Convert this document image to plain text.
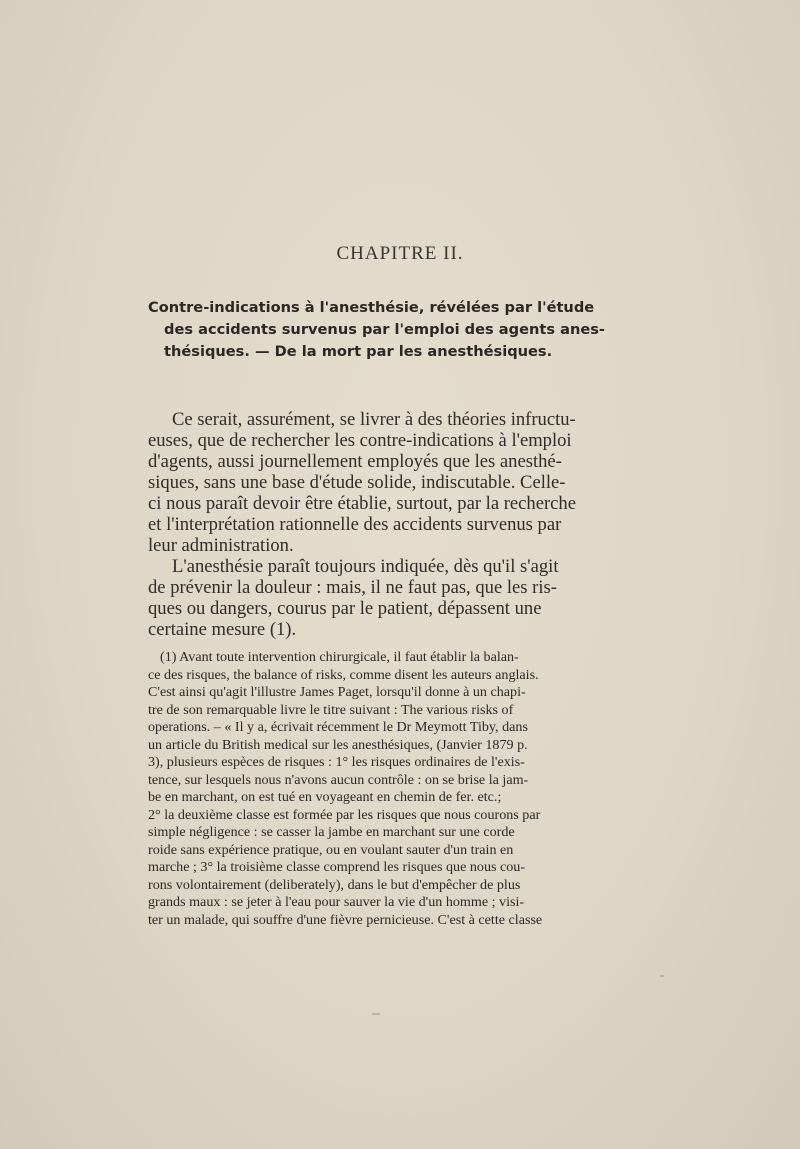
CHAPITRE II.
Contre-indications à l'anesthésie, révélées par l'étude
des accidents survenus par l'emploi des agents anes-
thésiques. — De la mort par les anesthésiques.
Ce serait, assurément, se livrer à des théories infructu-
euses, que de rechercher les contre-indications à l'emploi
d'agents, aussi journellement employés que les anesthé-
siques, sans une base d'étude solide, indiscutable. Celle-
ci nous paraît devoir être établie, surtout, par la recherche
et l'interprétation rationnelle des accidents survenus par
leur administration.
L'anesthésie paraît toujours indiquée, dès qu'il s'agit
de prévenir la douleur : mais, il ne faut pas, que les ris-
ques ou dangers, courus par le patient, dépassent une
certaine mesure (1).
(1) Avant toute intervention chirurgicale, il faut établir la balan-
ce des risques, the balance of risks, comme disent les auteurs anglais.
C'est ainsi qu'agit l'illustre James Paget, lorsqu'il donne à un chapi-
tre de son remarquable livre le titre suivant : The various risks of
operations. – « Il y a, écrivait récemment le Dr Meymott Tiby, dans
un article du British medical sur les anesthésiques, (Janvier 1879 p.
3), plusieurs espèces de risques : 1° les risques ordinaires de l'exis-
tence, sur lesquels nous n'avons aucun contrôle : on se brise la jam-
be en marchant, on est tué en voyageant en chemin de fer. etc.;
2° la deuxième classe est formée par les risques que nous courons par
simple négligence : se casser la jambe en marchant sur une corde
roide sans expérience pratique, ou en voulant sauter d'un train en
marche ; 3° la troisième classe comprend les risques que nous cou-
rons volontairement (deliberately), dans le but d'empêcher de plus
grands maux : se jeter à l'eau pour sauver la vie d'un homme ; visi-
ter un malade, qui souffre d'une fièvre pernicieuse. C'est à cette classe
